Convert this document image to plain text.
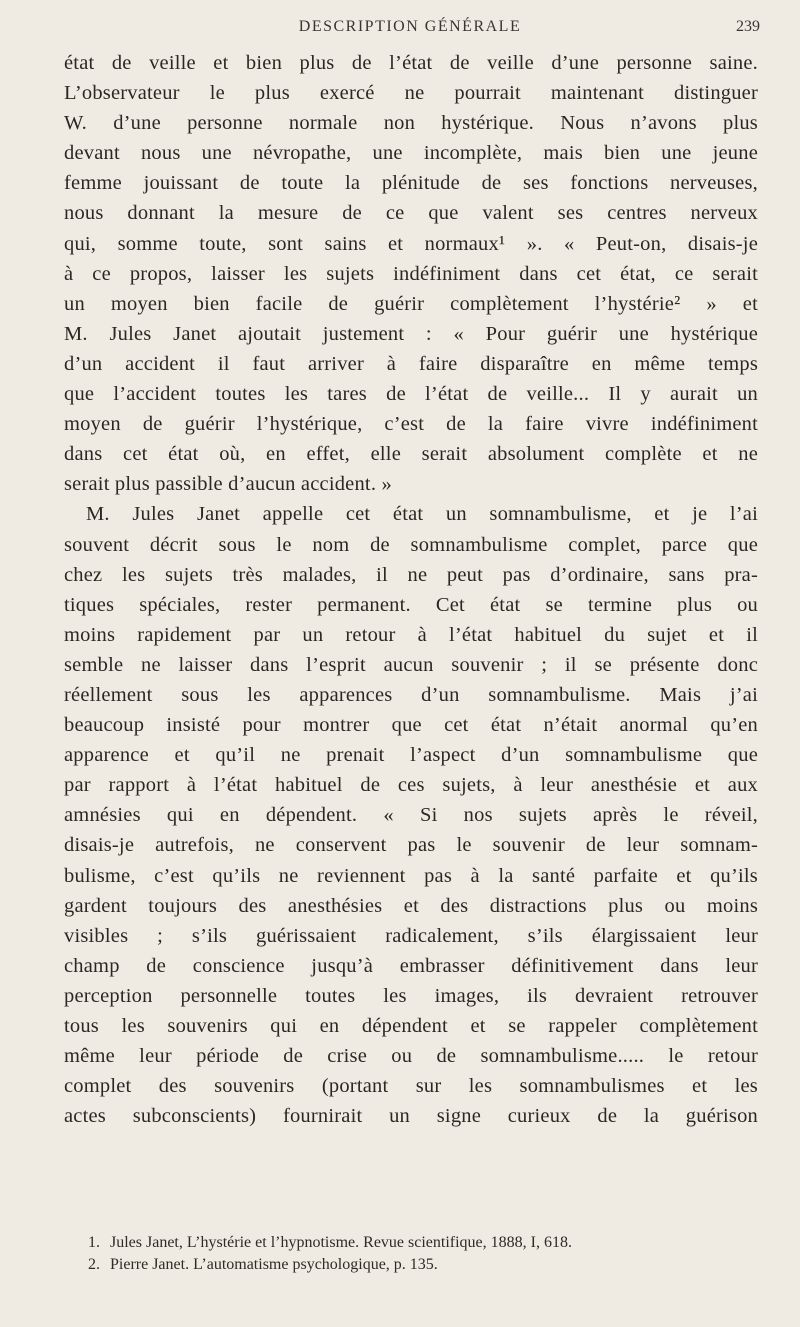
DESCRIPTION GÉNÉRALE	239
état de veille et bien plus de l’état de veille d’une personne saine.
L’observateur le plus exercé ne pourrait maintenant distinguer
W. d’une personne normale non hystérique. Nous n’avons plus
devant nous une névropathe, une incomplète, mais bien une jeune
femme jouissant de toute la plénitude de ses fonctions nerveuses,
nous donnant la mesure de ce que valent ses centres nerveux
qui, somme toute, sont sains et normaux¹ ». « Peut-on, disais-je
à ce propos, laisser les sujets indéfiniment dans cet état, ce serait
un moyen bien facile de guérir complètement l’hystérie² » et
M. Jules Janet ajoutait justement : « Pour guérir une hystérique
d’un accident il faut arriver à faire disparaître en même temps
que l’accident toutes les tares de l’état de veille... Il y aurait un
moyen de guérir l’hystérique, c’est de la faire vivre indéfiniment
dans cet état où, en effet, elle serait absolument complète et ne
serait plus passible d’aucun accident. »
M. Jules Janet appelle cet état un somnambulisme, et je l’ai
souvent décrit sous le nom de somnambulisme complet, parce que
chez les sujets très malades, il ne peut pas d’ordinaire, sans pra-
tiques spéciales, rester permanent. Cet état se termine plus ou
moins rapidement par un retour à l’état habituel du sujet et il
semble ne laisser dans l’esprit aucun souvenir ; il se présente donc
réellement sous les apparences d’un somnambulisme. Mais j’ai
beaucoup insisté pour montrer que cet état n’était anormal qu’en
apparence et qu’il ne prenait l’aspect d’un somnambulisme que
par rapport à l’état habituel de ces sujets, à leur anesthésie et aux
amnésies qui en dépendent. « Si nos sujets après le réveil,
disais-je autrefois, ne conservent pas le souvenir de leur somnam-
bulisme, c’est qu’ils ne reviennent pas à la santé parfaite et qu’ils
gardent toujours des anesthésies et des distractions plus ou moins
visibles ; s’ils guérissaient radicalement, s’ils élargissaient leur
champ de conscience jusqu’à embrasser définitivement dans leur
perception personnelle toutes les images, ils devraient retrouver
tous les souvenirs qui en dépendent et se rappeler complètement
même leur période de crise ou de somnambulisme..... le retour
complet des souvenirs (portant sur les somnambulismes et les
actes subconscients) fournirait un signe curieux de la guérison
1. Jules Janet, L’hystérie et l’hypnotisme. Revue scientifique, 1888, I, 618.
2. Pierre Janet. L’automatisme psychologique, p. 135.
